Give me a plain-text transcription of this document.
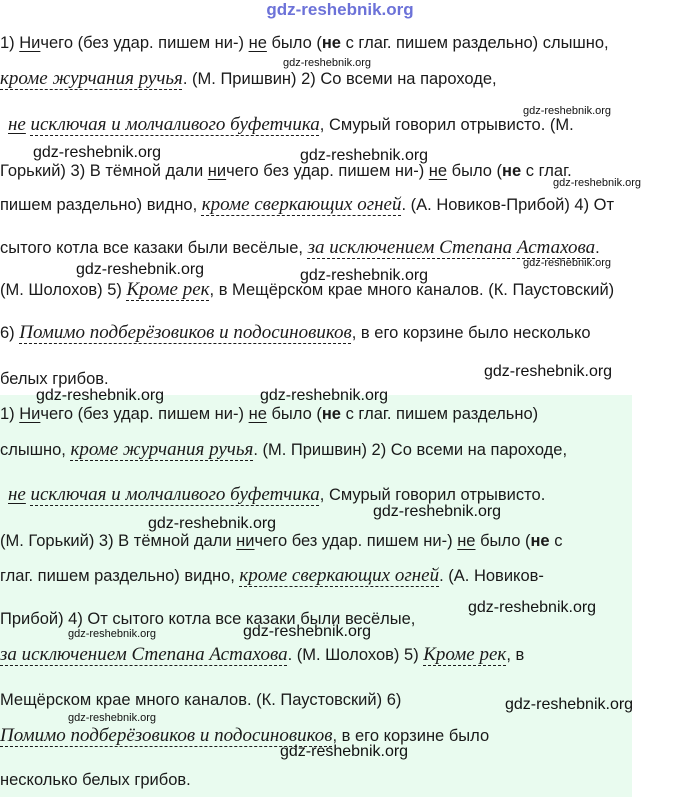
gdz-reshebnik.org
1) Ничего (без удар. пишем ни-) не было (не с глаг. пишем раздельно) слышно,
кроме журчания ручья. (М. Пришвин) 2) Со всеми на пароходе,
не исключая и молчаливого буфетчика, Смурый говорил отрывисто. (М.
Горький) 3) В тёмной дали ничего без удар. пишем ни-) не было (не с глаг.
пишем раздельно) видно, кроме сверкающих огней. (А. Новиков-Прибой) 4) От
сытого котла все казаки были весёлые, за исключением Степана Астахова.
(М. Шолохов) 5) Кроме рек, в Мещёрском крае много каналов. (К. Паустовский)
6) Помимо подберёзовиков и подосиновиков, в его корзине было несколько
белых грибов.
1) Ничего (без удар. пишем ни-) не было (не с глаг. пишем раздельно)
слышно, кроме журчания ручья. (М. Пришвин) 2) Со всеми на пароходе,
не исключая и молчаливого буфетчика, Смурый говорил отрывисто.
(М. Горький) 3) В тёмной дали ничего без удар. пишем ни-) не было (не с
глаг. пишем раздельно) видно, кроме сверкающих огней. (А. Новиков-
Прибой) 4) От сытого котла все казаки были весёлые,
за исключением Степана Астахова. (М. Шолохов) 5) Кроме рек, в
Мещёрском крае много каналов. (К. Паустовский) 6)
Помимо подберёзовиков и подосиновиков, в его корзине было
несколько белых грибов.
gdz-reshebnik.org
gdz-reshebnik.org
gdz-reshebnik.org	gdz-reshebnik.org
gdz-reshebnik.org
gdz-reshebnik.org
gdz-reshebnik.org	gdz-reshebnik.org
gdz-reshebnik.org
gdz-reshebnik.org	gdz-reshebnik.org
gdz-reshebnik.org
gdz-reshebnik.org
gdz-reshebnik.org
gdz-reshebnik.org
gdz-reshebnik.org
gdz-reshebnik.org
gdz-reshebnik.org
gdz-reshebnik.org
